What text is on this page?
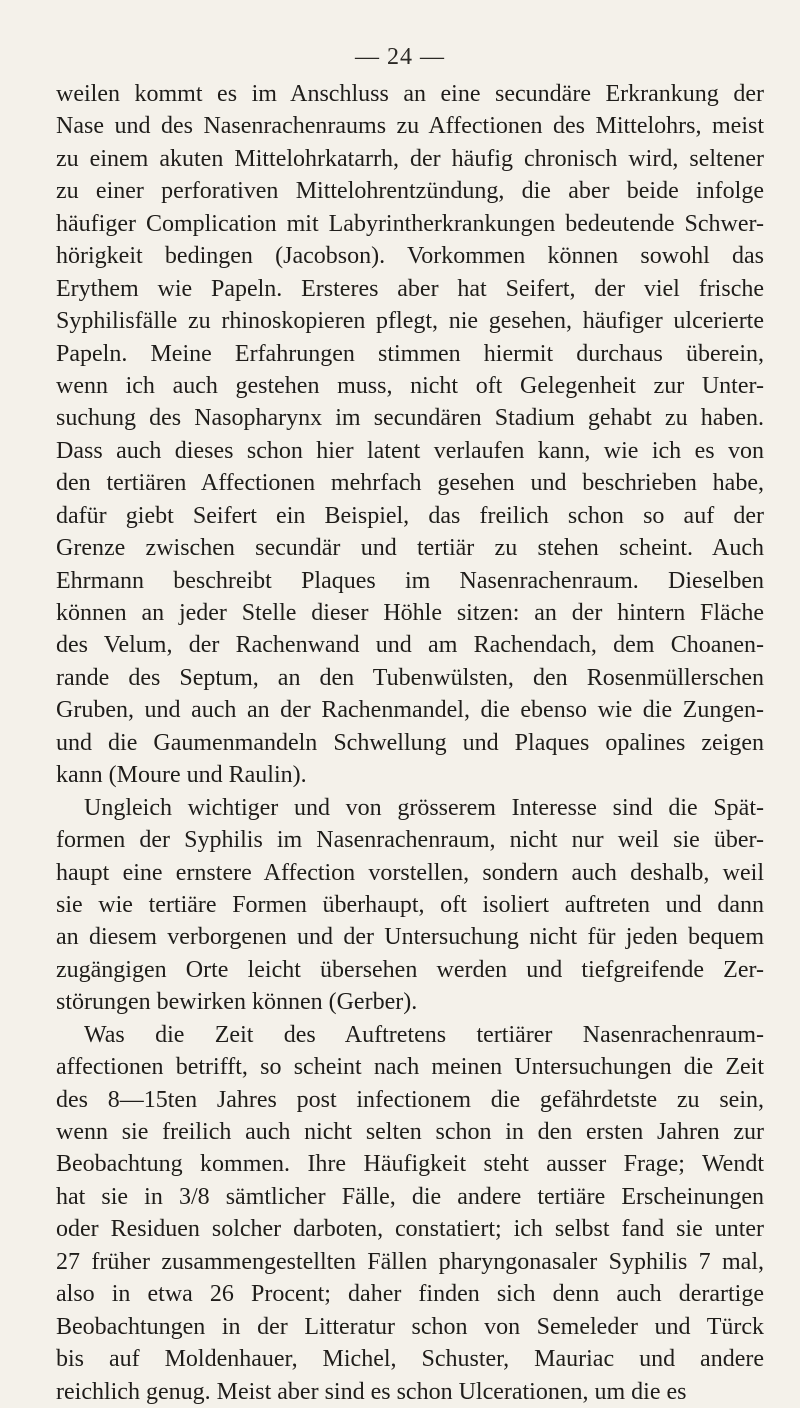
— 24 —
weilen kommt es im Anschluss an eine secundäre Erkrankung der
Nase und des Nasenrachenraums zu Affectionen des Mittelohrs, meist
zu einem akuten Mittelohrkatarrh, der häufig chronisch wird, seltener
zu einer perforativen Mittelohrentzündung, die aber beide infolge
häufiger Complication mit Labyrintherkrankungen bedeutende Schwer-
hörigkeit bedingen (Jacobson). Vorkommen können sowohl das
Erythem wie Papeln. Ersteres aber hat Seifert, der viel frische
Syphilisfälle zu rhinoskopieren pflegt, nie gesehen, häufiger ulcerierte
Papeln. Meine Erfahrungen stimmen hiermit durchaus überein,
wenn ich auch gestehen muss, nicht oft Gelegenheit zur Unter-
suchung des Nasopharynx im secundären Stadium gehabt zu haben.
Dass auch dieses schon hier latent verlaufen kann, wie ich es von
den tertiären Affectionen mehrfach gesehen und beschrieben habe,
dafür giebt Seifert ein Beispiel, das freilich schon so auf der
Grenze zwischen secundär und tertiär zu stehen scheint. Auch
Ehrmann beschreibt Plaques im Nasenrachenraum. Dieselben
können an jeder Stelle dieser Höhle sitzen: an der hintern Fläche
des Velum, der Rachenwand und am Rachendach, dem Choanen-
rande des Septum, an den Tubenwülsten, den Rosenmüllerschen
Gruben, und auch an der Rachenmandel, die ebenso wie die Zungen-
und die Gaumenmandeln Schwellung und Plaques opalines zeigen
kann (Moure und Raulin).
Ungleich wichtiger und von grösserem Interesse sind die Spät-
formen der Syphilis im Nasenrachenraum, nicht nur weil sie über-
haupt eine ernstere Affection vorstellen, sondern auch deshalb, weil
sie wie tertiäre Formen überhaupt, oft isoliert auftreten und dann
an diesem verborgenen und der Untersuchung nicht für jeden bequem
zugängigen Orte leicht übersehen werden und tiefgreifende Zer-
störungen bewirken können (Gerber).
Was die Zeit des Auftretens tertiärer Nasenrachenraum-
affectionen betrifft, so scheint nach meinen Untersuchungen die Zeit
des 8—15ten Jahres post infectionem die gefährdetste zu sein,
wenn sie freilich auch nicht selten schon in den ersten Jahren zur
Beobachtung kommen. Ihre Häufigkeit steht ausser Frage; Wendt
hat sie in 3/8 sämtlicher Fälle, die andere tertiäre Erscheinungen
oder Residuen solcher darboten, constatiert; ich selbst fand sie unter
27 früher zusammengestellten Fällen pharyngonasaler Syphilis 7 mal,
also in etwa 26 Procent; daher finden sich denn auch derartige
Beobachtungen in der Litteratur schon von Semeleder und Türck
bis auf Moldenhauer, Michel, Schuster, Mauriac und andere
reichlich genug. Meist aber sind es schon Ulcerationen, um die es
